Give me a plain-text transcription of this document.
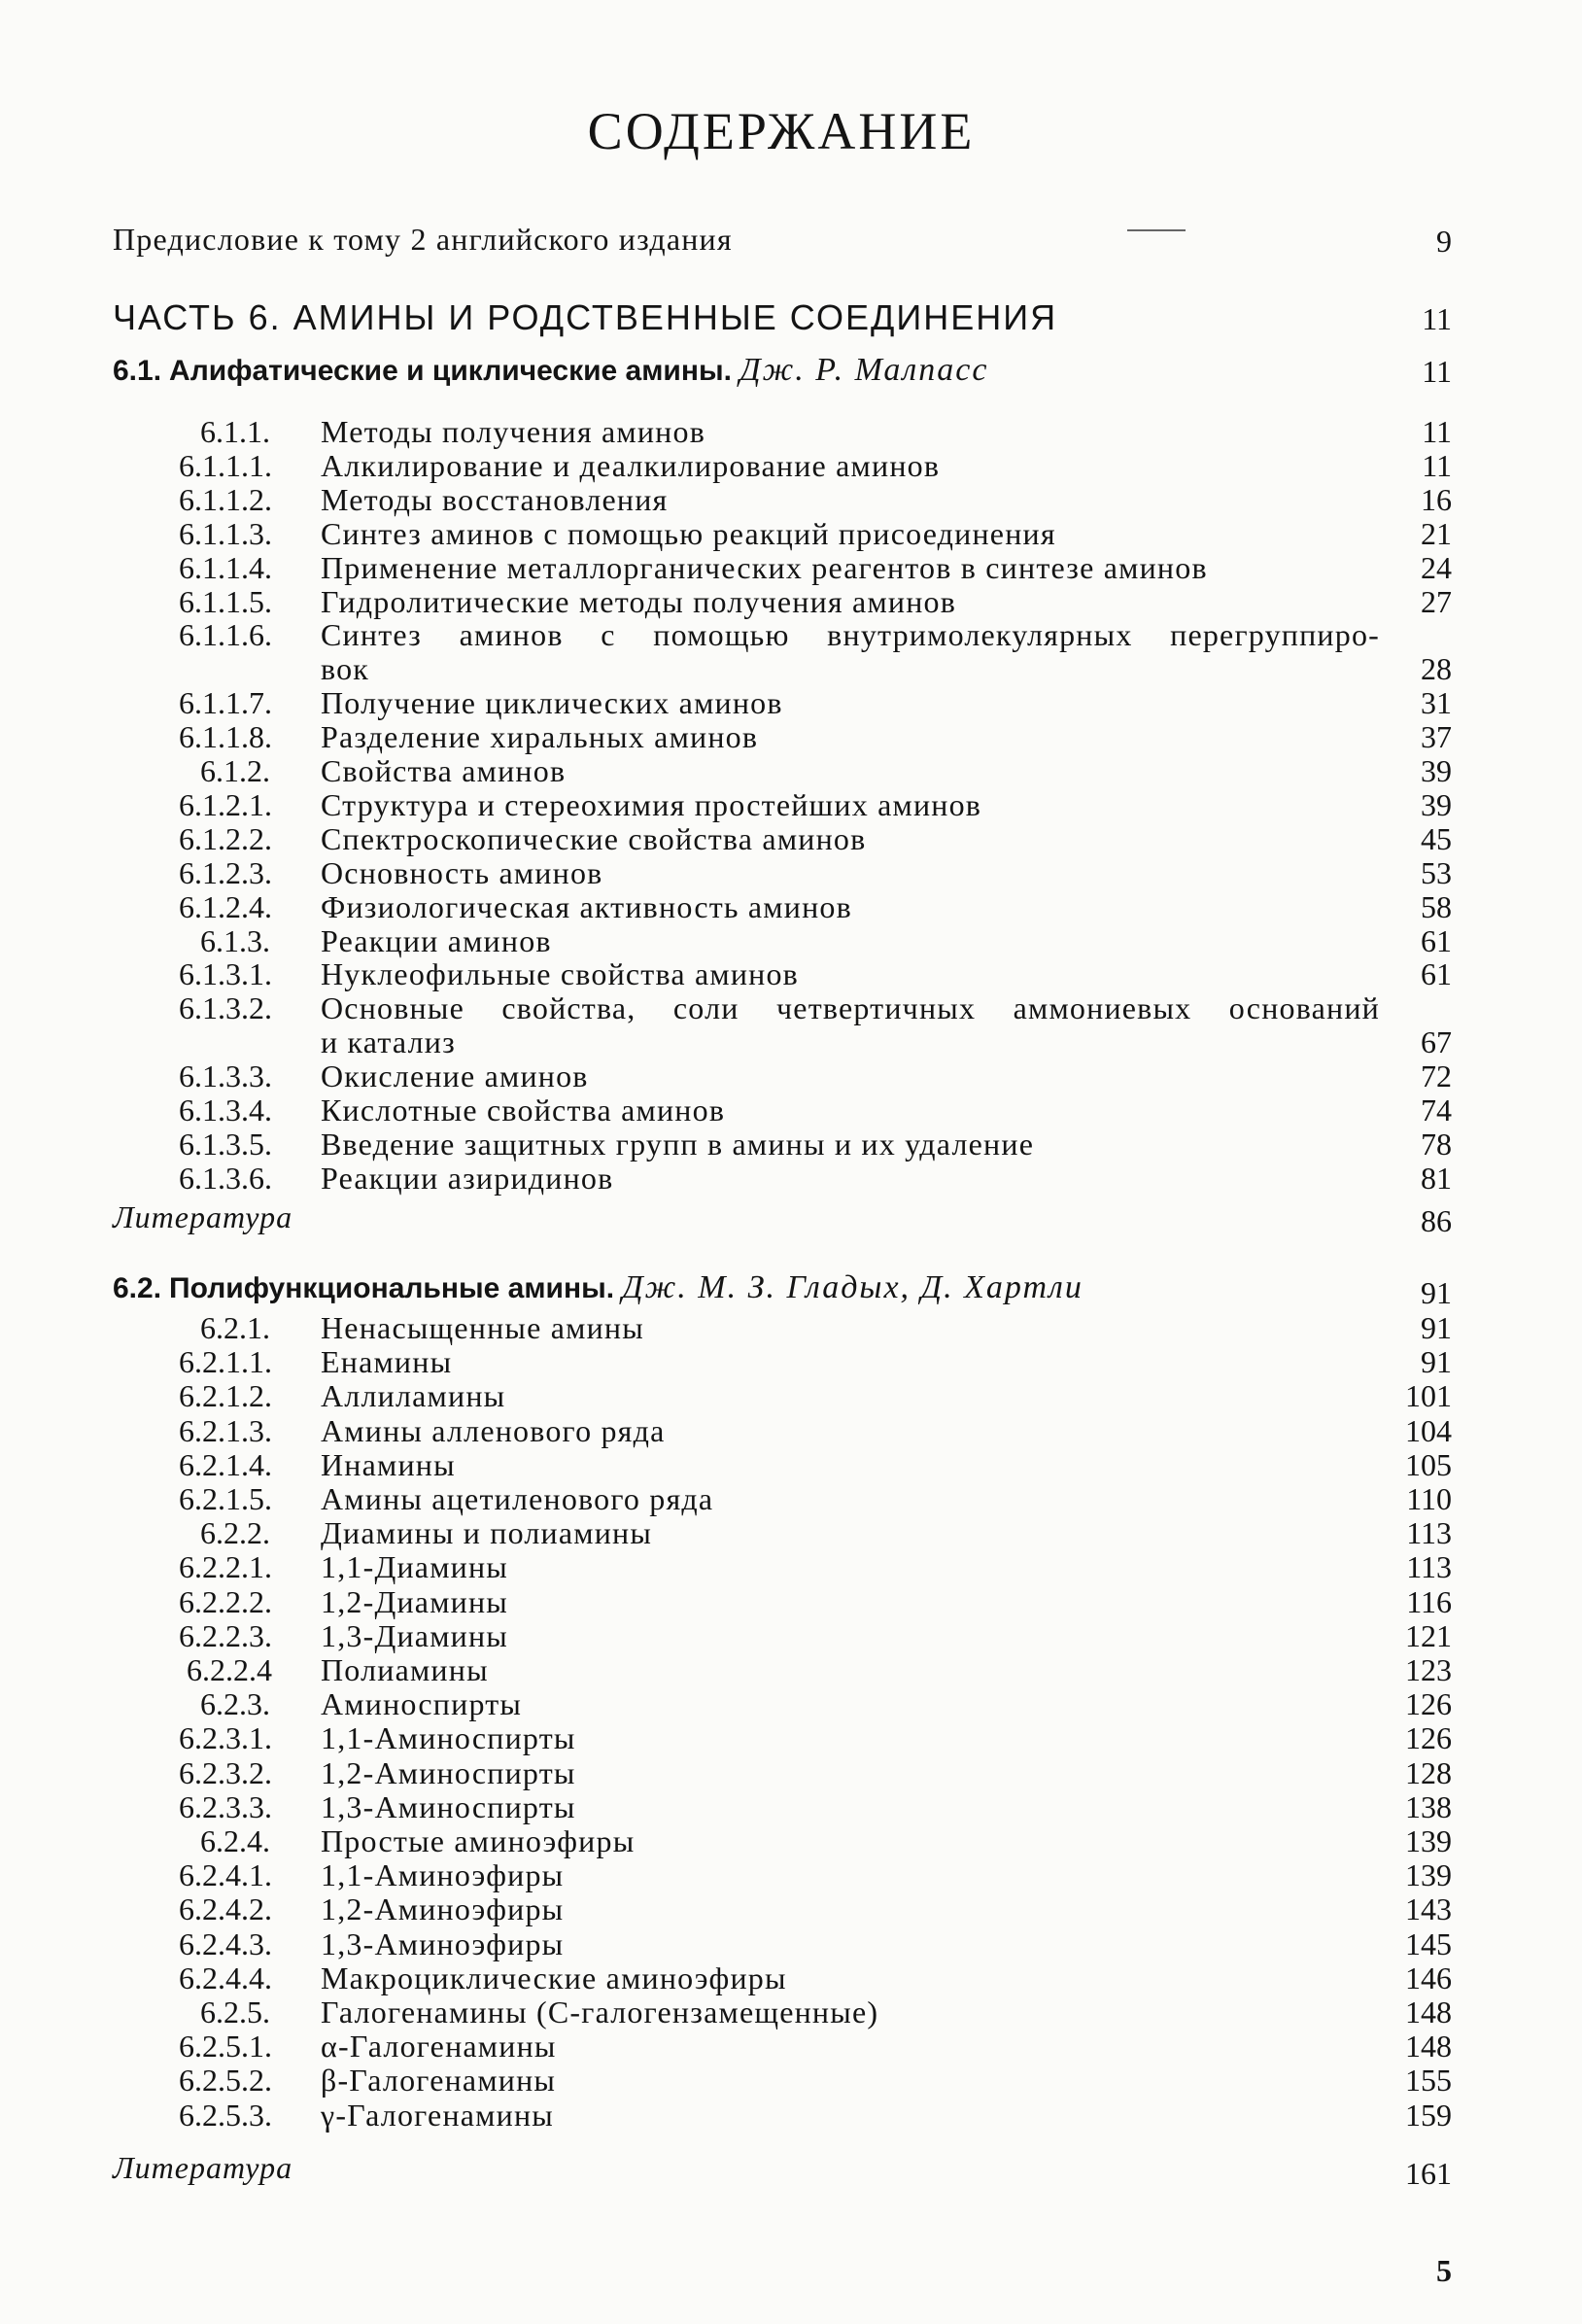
СОДЕРЖАНИЕ
Предисловие к тому 2 английского издания	9
ЧАСТЬ 6. АМИНЫ И РОДСТВЕННЫЕ СОЕДИНЕНИЯ	11
6.1. Алифатические и циклические амины. Дж. Р. Малпасс	11
6.1.1. Методы получения аминов	11
6.1.1.1. Алкилирование и деалкилирование аминов	11
6.1.1.2. Методы восстановления	16
6.1.1.3. Синтез аминов с помощью реакций присоединения	21
6.1.1.4. Применение металлорганических реагентов в синтезе аминов	24
6.1.1.5. Гидролитические методы получения аминов	27
6.1.1.6. Синтез аминов с помощью внутримолекулярных перегруппиро-
вок	28
6.1.1.7. Получение циклических аминов	31
6.1.1.8. Разделение хиральных аминов	37
6.1.2. Свойства аминов	39
6.1.2.1. Структура и стереохимия простейших аминов	39
6.1.2.2. Спектроскопические свойства аминов	45
6.1.2.3. Основность аминов	53
6.1.2.4. Физиологическая активность аминов	58
6.1.3. Реакции аминов	61
6.1.3.1. Нуклеофильные свойства аминов	61
6.1.3.2. Основные свойства, соли четвертичных аммониевых оснований
и катализ	67
6.1.3.3. Окисление аминов	72
6.1.3.4. Кислотные свойства аминов	74
6.1.3.5. Введение защитных групп в амины и их удаление	78
6.1.3.6. Реакции азиридинов	81
Литература	86
6.2. Полифункциональные амины. Дж. М. З. Гладых, Д. Хартли	91
6.2.1. Ненасыщенные амины	91
6.2.1.1. Енамины	91
6.2.1.2. Аллиламины	101
6.2.1.3. Амины алленового ряда	104
6.2.1.4. Инамины	105
6.2.1.5. Амины ацетиленового ряда	110
6.2.2. Диамины и полиамины	113
6.2.2.1. 1,1-Диамины	113
6.2.2.2. 1,2-Диамины	116
6.2.2.3. 1,3-Диамины	121
6.2.2.4 Полиамины	123
6.2.3. Аминоспирты	126
6.2.3.1. 1,1-Аминоспирты	126
6.2.3.2. 1,2-Аминоспирты	128
6.2.3.3. 1,3-Аминоспирты	138
6.2.4. Простые аминоэфиры	139
6.2.4.1. 1,1-Аминоэфиры	139
6.2.4.2. 1,2-Аминоэфиры	143
6.2.4.3. 1,3-Аминоэфиры	145
6.2.4.4. Макроциклические аминоэфиры	146
6.2.5. Галогенамины (С-галогензамещенные)	148
6.2.5.1. α-Галогенамины	148
6.2.5.2. β-Галогенамины	155
6.2.5.3. γ-Галогенамины	159
Литература	161
5
